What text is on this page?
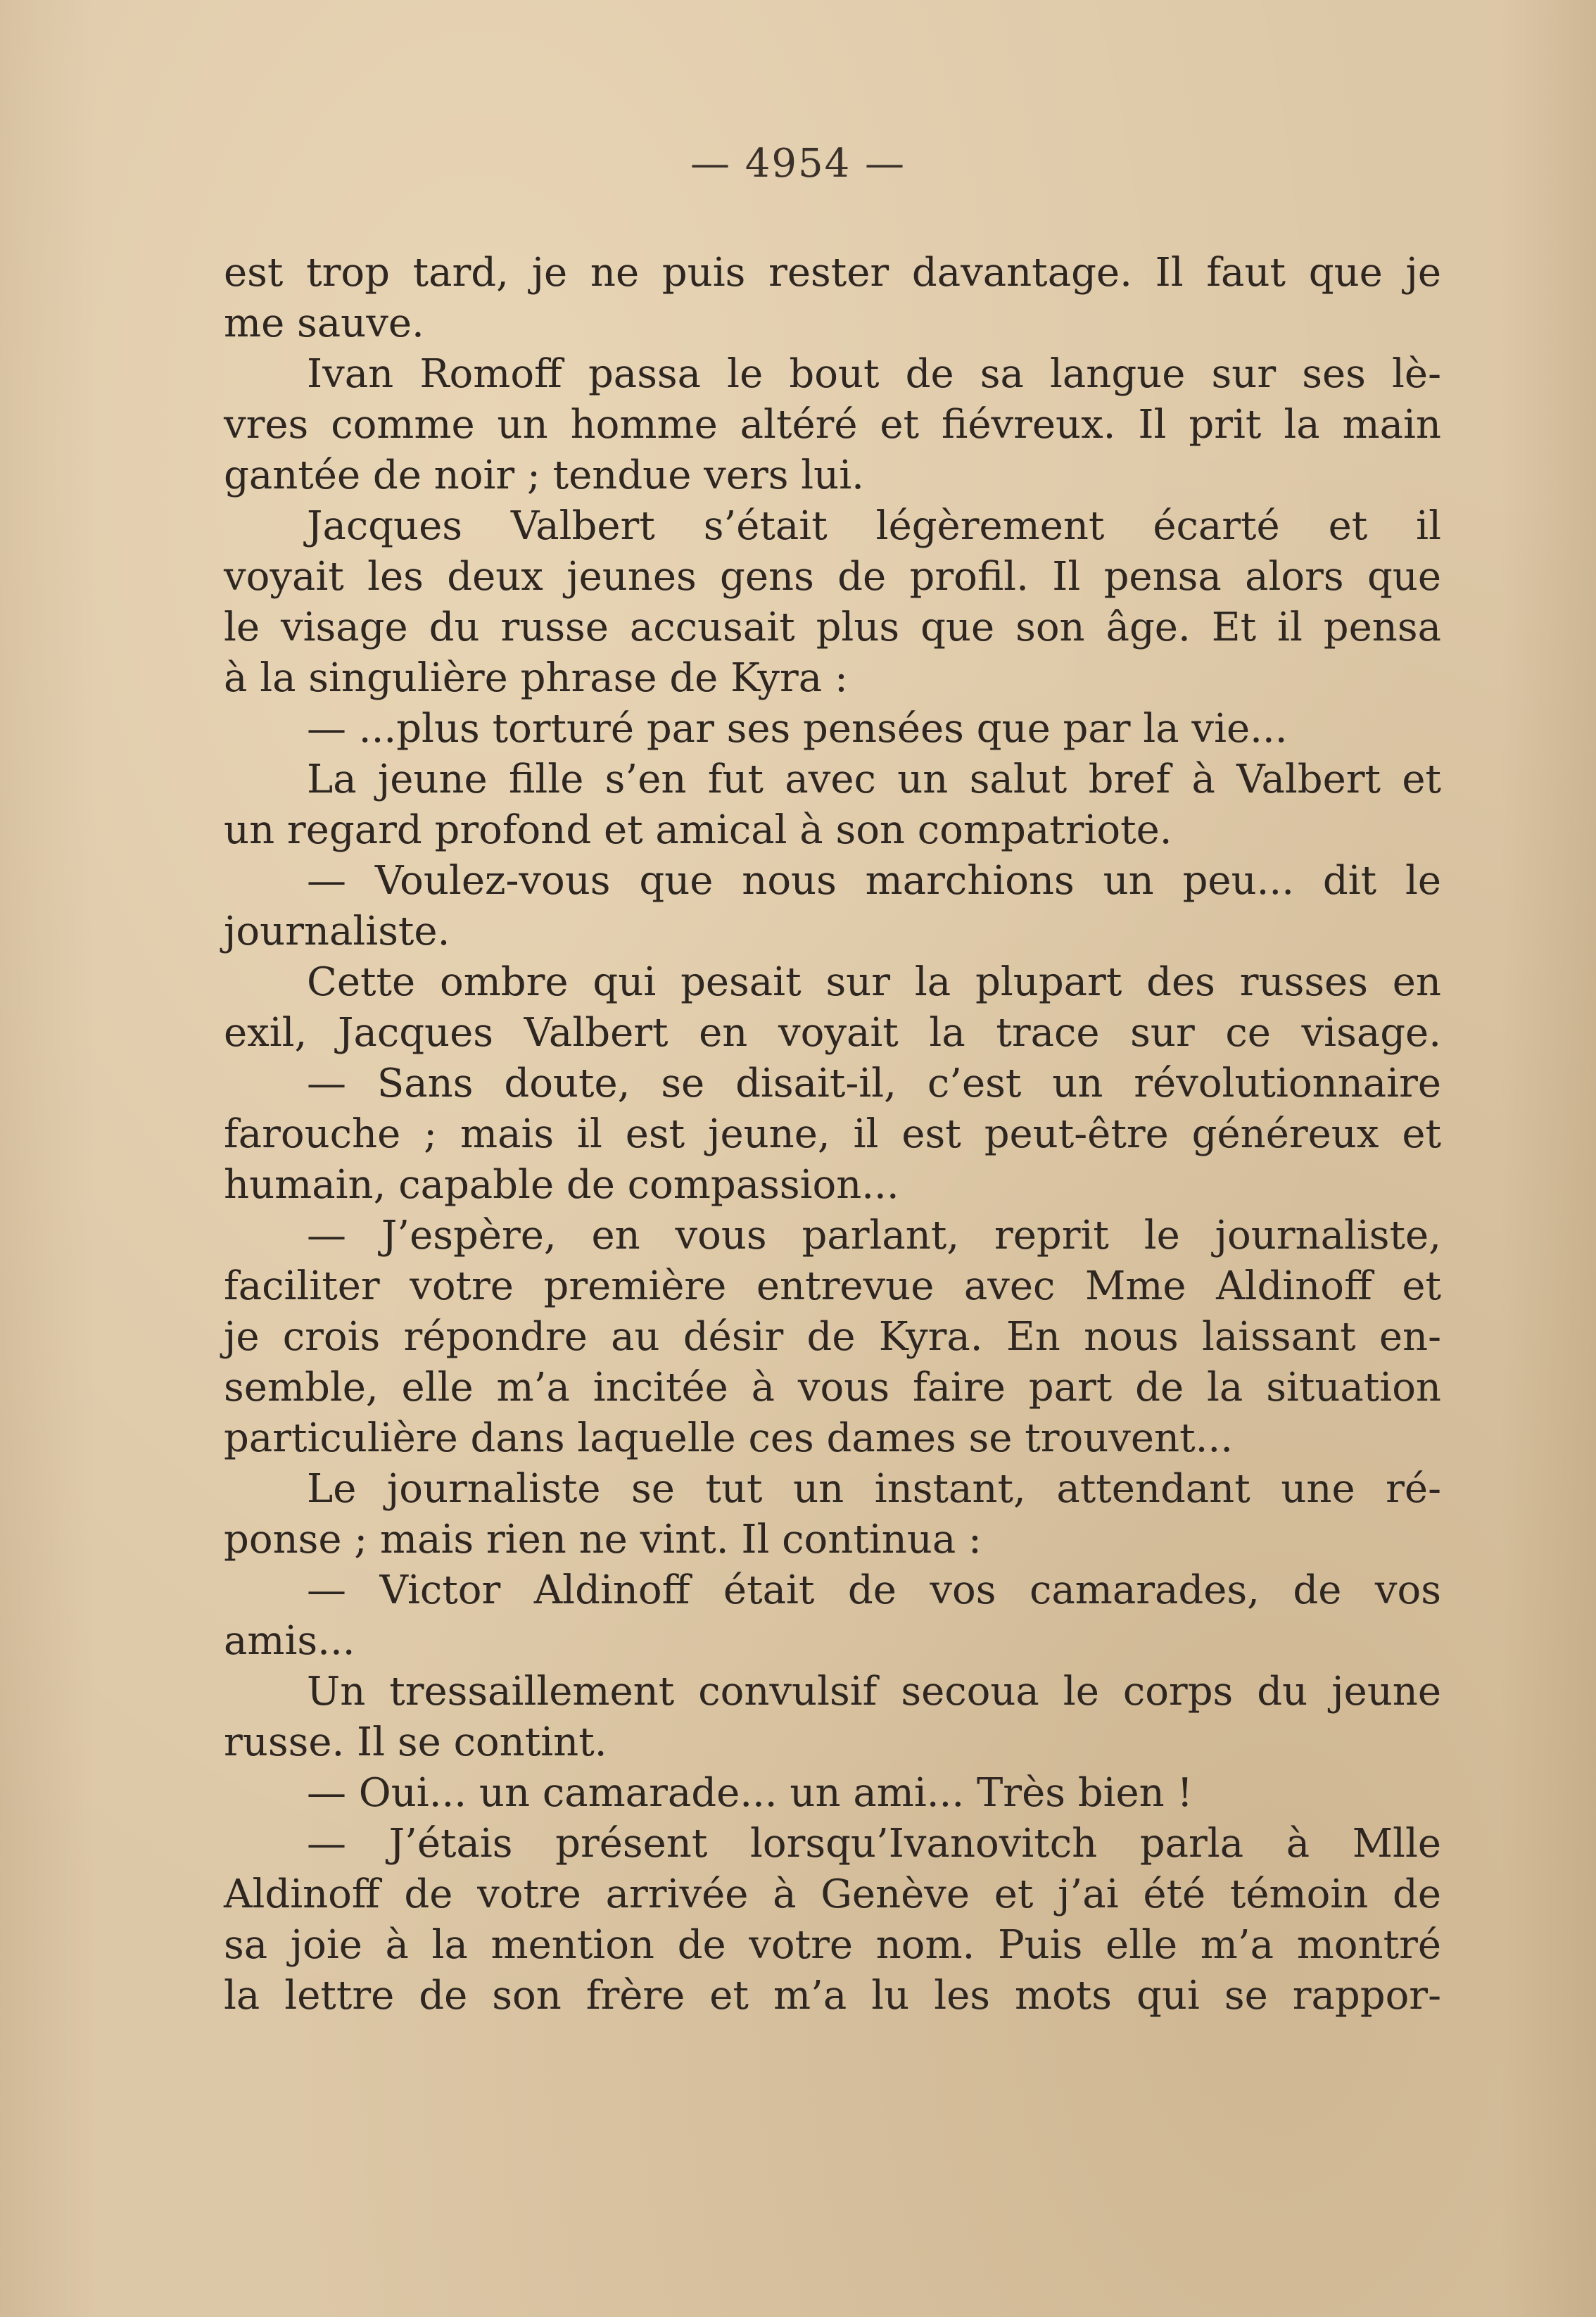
— 4954 —
est trop tard, je ne puis rester davantage. Il faut que je
me sauve.
Ivan Romoff passa le bout de sa langue sur ses lè-
vres comme un homme altéré et fiévreux. Il prit la main
gantée de noir ; tendue vers lui.
Jacques Valbert s’était légèrement écarté et il
voyait les deux jeunes gens de profil. Il pensa alors que
le visage du russe accusait plus que son âge. Et il pensa
à la singulière phrase de Kyra :
— ...plus torturé par ses pensées que par la vie...
La jeune fille s’en fut avec un salut bref à Valbert et
un regard profond et amical à son compatriote.
— Voulez-vous que nous marchions un peu... dit le
journaliste.
Cette ombre qui pesait sur la plupart des russes en
exil, Jacques Valbert en voyait la trace sur ce visage.
— Sans doute, se disait-il, c’est un révolutionnaire
farouche ; mais il est jeune, il est peut-être généreux et
humain, capable de compassion...
— J’espère, en vous parlant, reprit le journaliste,
faciliter votre première entrevue avec Mme Aldinoff et
je crois répondre au désir de Kyra. En nous laissant en-
semble, elle m’a incitée à vous faire part de la situation
particulière dans laquelle ces dames se trouvent...
Le journaliste se tut un instant, attendant une ré-
ponse ; mais rien ne vint. Il continua :
— Victor Aldinoff était de vos camarades, de vos
amis...
Un tressaillement convulsif secoua le corps du jeune
russe. Il se contint.
— Oui... un camarade... un ami... Très bien !
— J’étais présent lorsqu’Ivanovitch parla à Mlle
Aldinoff de votre arrivée à Genève et j’ai été témoin de
sa joie à la mention de votre nom. Puis elle m’a montré
la lettre de son frère et m’a lu les mots qui se rappor-
